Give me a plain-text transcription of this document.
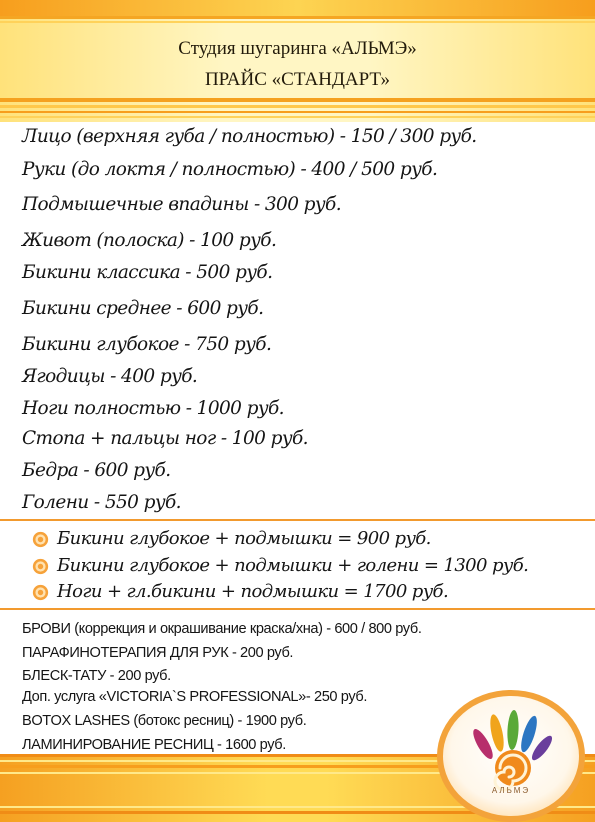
Студия шугаринга «АЛЬМЭ»
ПРАЙС «СТАНДАРТ»
Лицо (верхняя губа / полностью) - 150 / 300 руб.
Руки (до локтя / полностью) - 400 / 500 руб.
Подмышечные впадины - 300 руб.
Живот (полоска) - 100 руб.
Бикини классика - 500 руб.
Бикини среднее - 600 руб.
Бикини глубокое - 750 руб.
Ягодицы - 400 руб.
Ноги полностью - 1000 руб.
Стопа + пальцы ног - 100 руб.
Бедра - 600 руб.
Голени - 550 руб.
Бикини глубокое + подмышки = 900 руб.
Бикини глубокое + подмышки + голени = 1300 руб.
Ноги + гл.бикини + подмышки = 1700 руб.
БРОВИ (коррекция и окрашивание краска/хна) - 600 / 800 руб.
ПАРАФИНОТЕРАПИЯ ДЛЯ РУК - 200 руб.
БЛЕСК-ТАТУ - 200 руб.
Доп. услуга «VICTORIA`S PROFESSIONAL»- 250 руб.
BOTOX LASHES (ботокс ресниц) - 1900 руб.
ЛАМИНИРОВАНИЕ РЕСНИЦ - 1600 руб.
АЛЬМЭ
